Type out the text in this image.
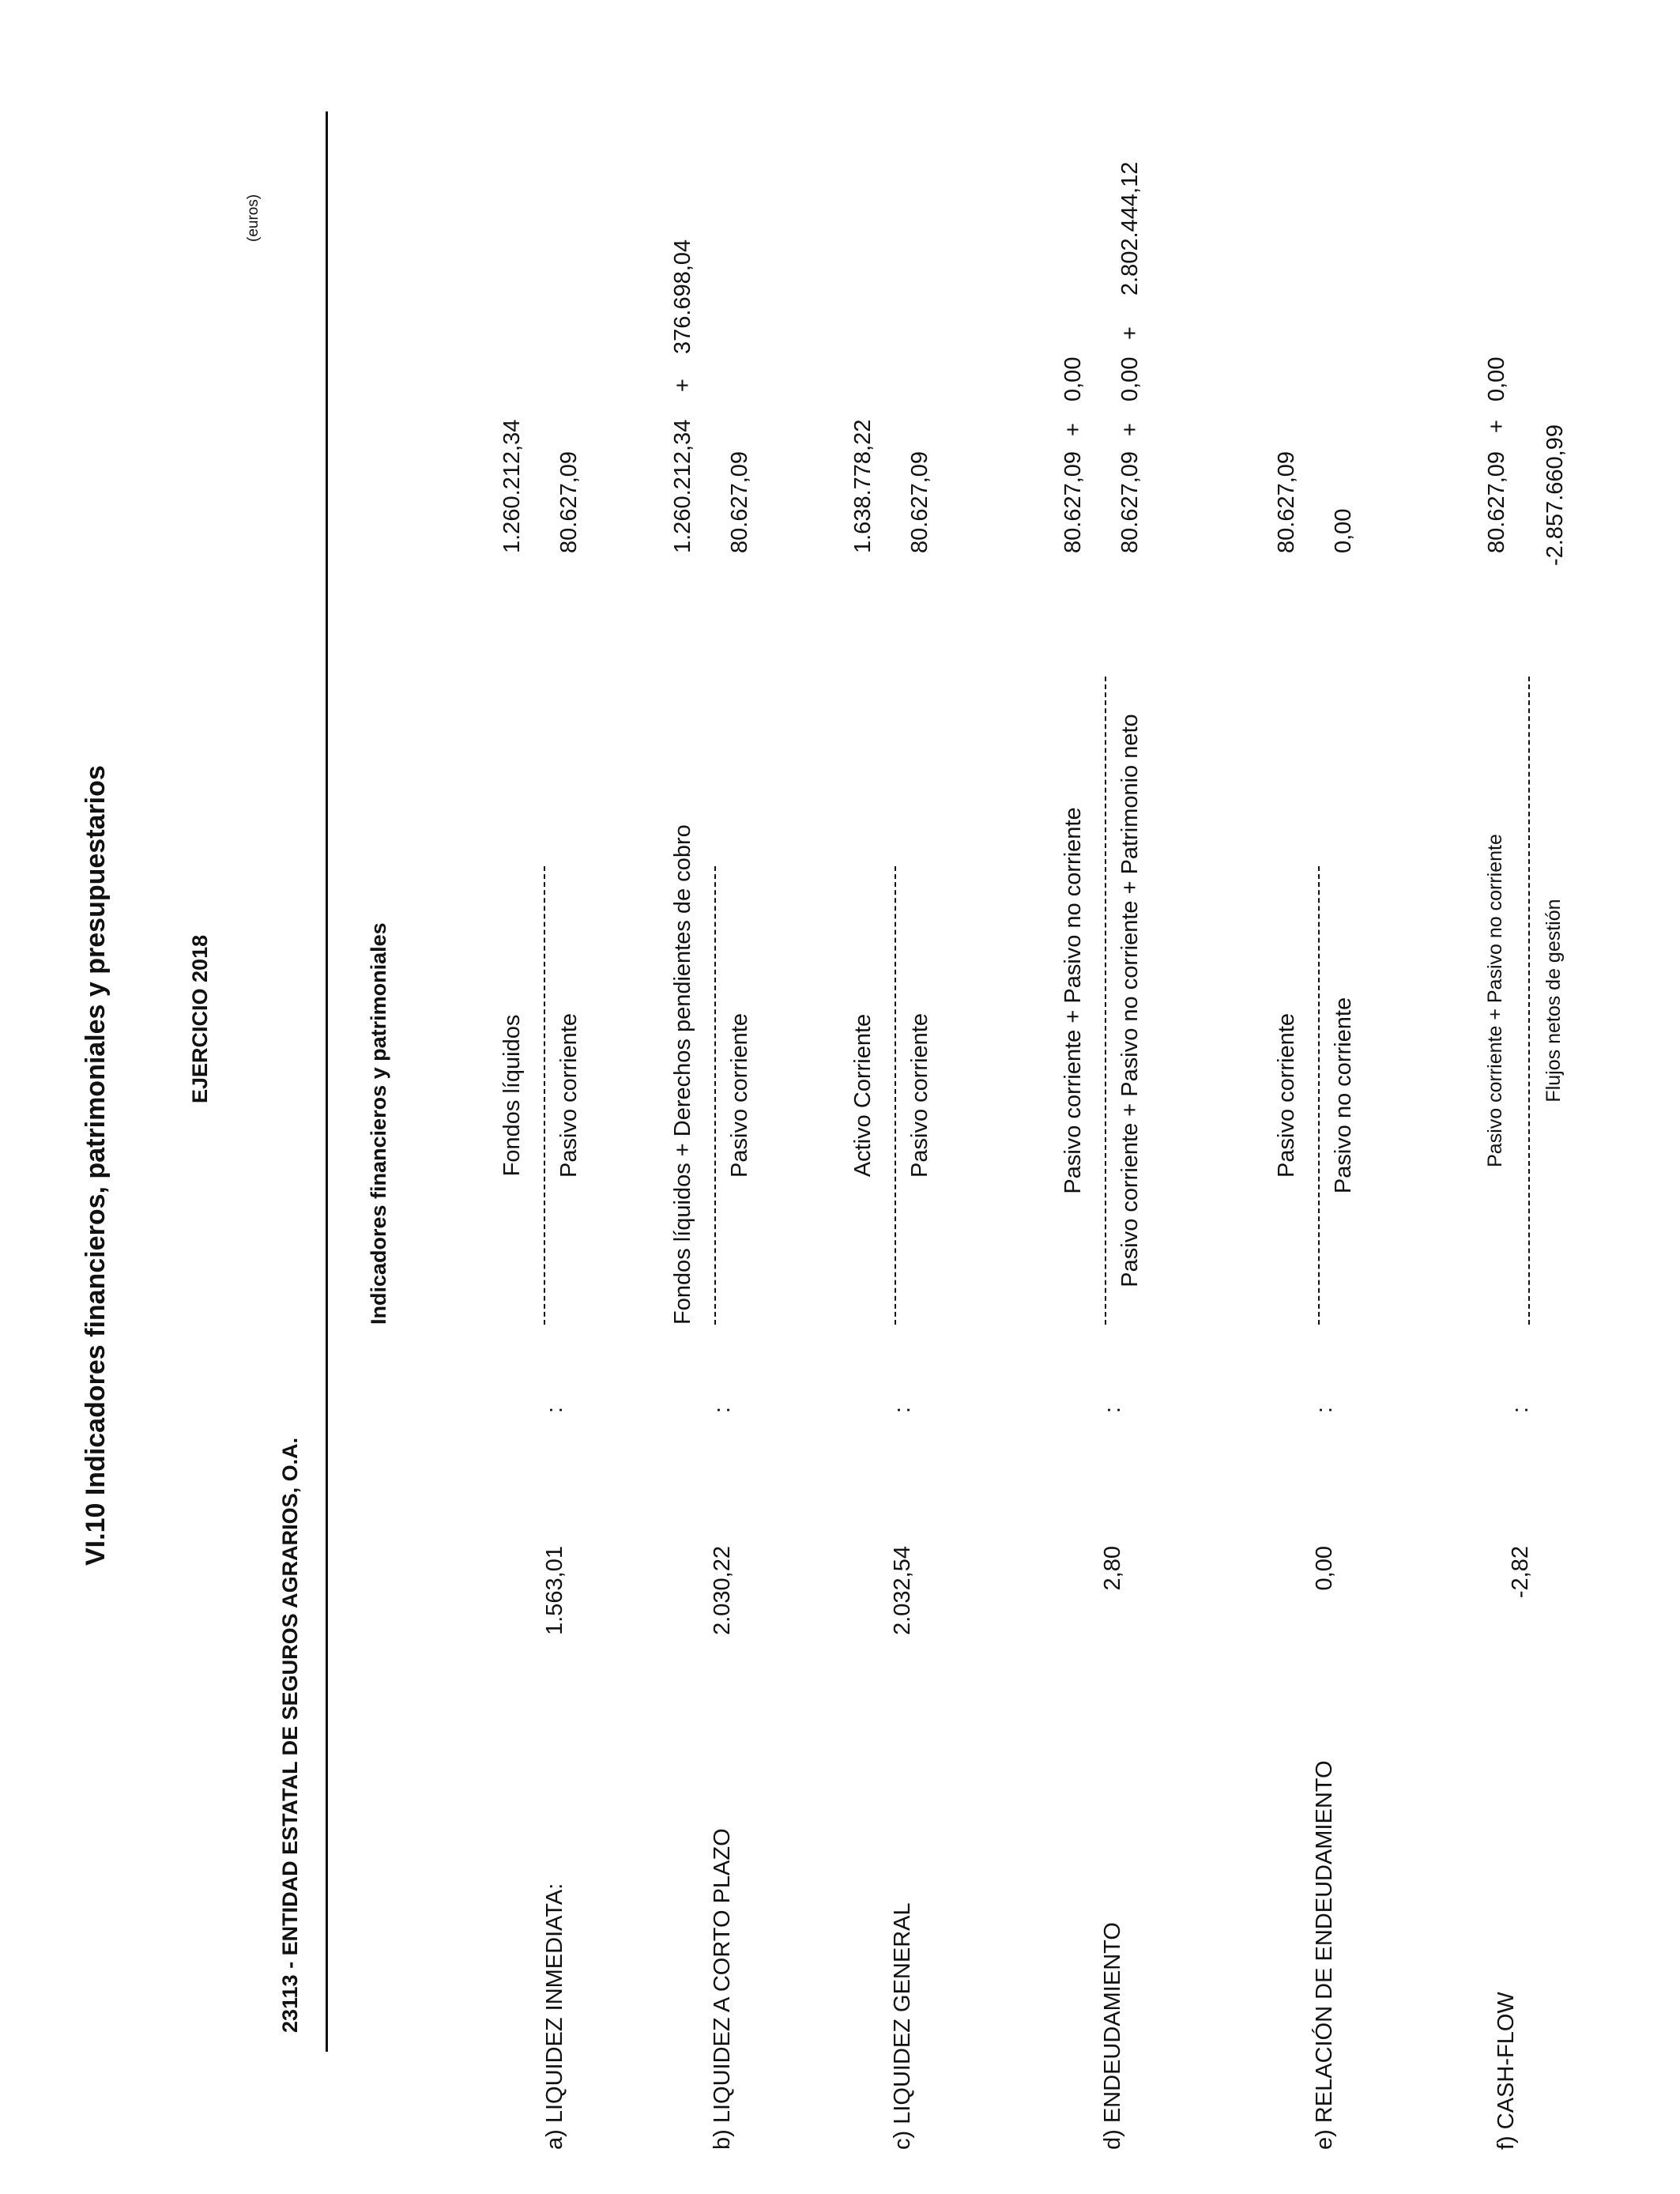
VI.10 Indicadores financieros, patrimoniales y presupuestarios	EJERCICIO 2018
23113 - ENTIDAD ESTATAL DE SEGUROS AGRARIOS, O.A.
Indicadores financieros y patrimoniales
(euros)
a) LIQUIDEZ INMEDIATA:
1.563,01
:
Fondos líquidos Pasivo corriente
1.260.212,34 80.627,09
b) LIQUIDEZ A CORTO PLAZO
2.030,22
:
Fondos líquidos + Derechos pendientes de cobro Pasivo corriente
1.260.212,34
+
376.698,04
80.627,09
c) LIQUIDEZ GENERAL
2.032,54
:
Activo Corriente Pasivo corriente
1.638.778,22 80.627,09
d) ENDEUDAMIENTO
2,80
:
Pasivo corriente + Pasivo no corriente Pasivo corriente + Pasivo no corriente + Patrimonio neto
80.627,09
+
0,00
80.627,09
+
0,00
+
2.802.444,12
e) RELACIÓN DE ENDEUDAMIENTO
0,00
:
Pasivo corriente Pasivo no corriente
80.627,09 0,00
f) CASH-FLOW
-2,82
:
Pasivo corriente + Pasivo no corriente Flujos netos de gestión
80.627,09
+
0,00
-2.857.660,99
